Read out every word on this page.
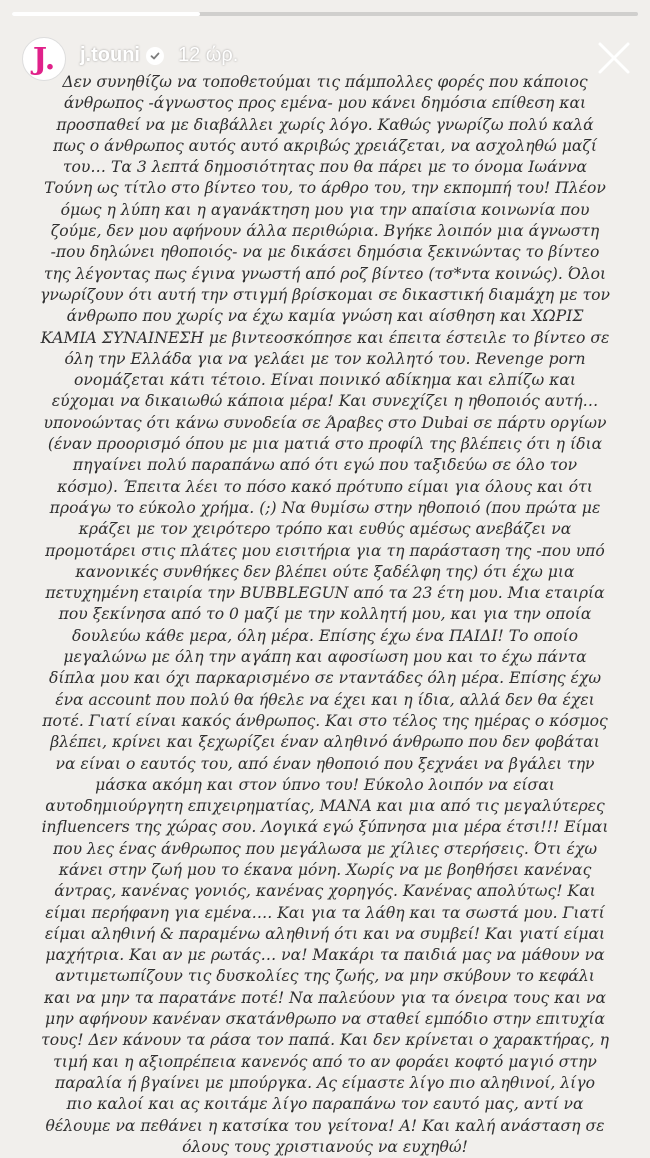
J. j.touni 12 ώρ.

Δεν συνηθίζω να τοποθετούμαι τις πάμπολλες φορές που κάποιος άνθρωπος -άγνωστος προς εμένα- μου κάνει δημόσια επίθεση και προσπαθεί να με διαβάλλει χωρίς λόγο. Καθώς γνωρίζω πολύ καλά πως ο άνθρωπος αυτός αυτό ακριβώς χρειάζεται, να ασχοληθώ μαζί του… Τα 3 λεπτά δημοσιότητας που θα πάρει με το όνομα Ιωάννα Τούνη ως τίτλο στο βίντεο του, το άρθρο του, την εκπομπή του! Πλέον όμως η λύπη και η αγανάκτηση μου για την απαίσια κοινωνία που ζούμε, δεν μου αφήνουν άλλα περιθώρια. Βγήκε λοιπόν μια άγνωστη -που δηλώνει ηθοποιός- να με δικάσει δημόσια ξεκινώντας το βίντεο της λέγοντας πως έγινα γνωστή από ροζ βίντεο (τσ*ντα κοινώς). Όλοι γνωρίζουν ότι αυτή την στιγμή βρίσκομαι σε δικαστική διαμάχη με τον άνθρωπο που χωρίς να έχω καμία γνώση και αίσθηση και ΧΩΡΙΣ ΚΑΜΙΑ ΣΥΝΑΙΝΕΣΗ με βιντεοσκόπησε και έπειτα έστειλε το βίντεο σε όλη την Ελλάδα για να γελάει με τον κολλητό του. Revenge porn ονομάζεται κάτι τέτοιο. Είναι ποινικό αδίκημα και ελπίζω και εύχομαι να δικαιωθώ κάποια μέρα! Και συνεχίζει η ηθοποιός αυτή…υπονοώντας ότι κάνω συνοδεία σε Άραβες στο Dubai σε πάρτυ οργίων (έναν προορισμό όπου με μια ματιά στο προφίλ της βλέπεις ότι η ίδια πηγαίνει πολύ παραπάνω από ότι εγώ που ταξιδεύω σε όλο τον κόσμο). Έπειτα λέει το πόσο κακό πρότυπο είμαι για όλους και ότι προάγω το εύκολο χρήμα. (;) Να θυμίσω στην ηθοποιό (που πρώτα με κράζει με τον χειρότερο τρόπο και ευθύς αμέσως ανεβάζει να προμοτάρει στις πλάτες μου εισιτήρια για τη παράσταση της -που υπό κανονικές συνθήκες δεν βλέπει ούτε ξαδέλφη της) ότι έχω μια πετυχημένη εταιρία την BUBBLEGUN από τα 23 έτη μου. Μια εταιρία που ξεκίνησα από το 0 μαζί με την κολλητή μου, και για την οποία δουλεύω κάθε μερα, όλη μέρα. Επίσης έχω ένα ΠΑΙΔΙ! Το οποίο μεγαλώνω με όλη την αγάπη και αφοσίωση μου και το έχω πάντα δίπλα μου και όχι παρκαρισμένο σε νταντάδες όλη μέρα. Επίσης έχω ένα account που πολύ θα ήθελε να έχει και η ίδια, αλλά δεν θα έχει ποτέ. Γιατί είναι κακός άνθρωπος. Και στο τέλος της ημέρας ο κόσμος βλέπει, κρίνει και ξεχωρίζει έναν αληθινό άνθρωπο που δεν φοβάται να είναι ο εαυτός του, από έναν ηθοποιό που ξεχνάει να βγάλει την μάσκα ακόμη και στον ύπνο του! Εύκολο λοιπόν να είσαι αυτοδημιούργητη επιχειρηματίας, ΜΑΝΑ και μια από τις μεγαλύτερες influencers της χώρας σου. Λογικά εγώ ξύπνησα μια μέρα έτσι!!! Είμαι που λες ένας άνθρωπος που μεγάλωσα με χίλιες στερήσεις. Ότι έχω κάνει στην ζωή μου το έκανα μόνη. Χωρίς να με βοηθήσει κανένας άντρας, κανένας γονιός, κανένας χορηγός. Κανένας απολύτως! Και είμαι περήφανη για εμένα…. Και για τα λάθη και τα σωστά μου. Γιατί είμαι αληθινή & παραμένω αληθινή ότι και να συμβεί! Και γιατί είμαι μαχήτρια. Και αν με ρωτάς… να! Μακάρι τα παιδιά μας να μάθουν να αντιμετωπίζουν τις δυσκολίες της ζωής, να μην σκύβουν το κεφάλι και να μην τα παρατάνε ποτέ! Να παλεύουν για τα όνειρα τους και να μην αφήνουν κανέναν σκατάνθρωπο να σταθεί εμπόδιο στην επιτυχία τους! Δεν κάνουν τα ράσα τον παπά. Και δεν κρίνεται ο χαρακτήρας, η τιμή και η αξιοπρέπεια κανενός από το αν φοράει κοφτό μαγιό στην παραλία ή βγαίνει με μπούργκα. Ας είμαστε λίγο πιο αληθινοί, λίγο πιο καλοί και ας κοιτάμε λίγο παραπάνω τον εαυτό μας, αντί να θέλουμε να πεθάνει η κατσίκα του γείτονα! Α! Και καλή ανάσταση σε όλους τους χριστιανούς να ευχηθώ!
